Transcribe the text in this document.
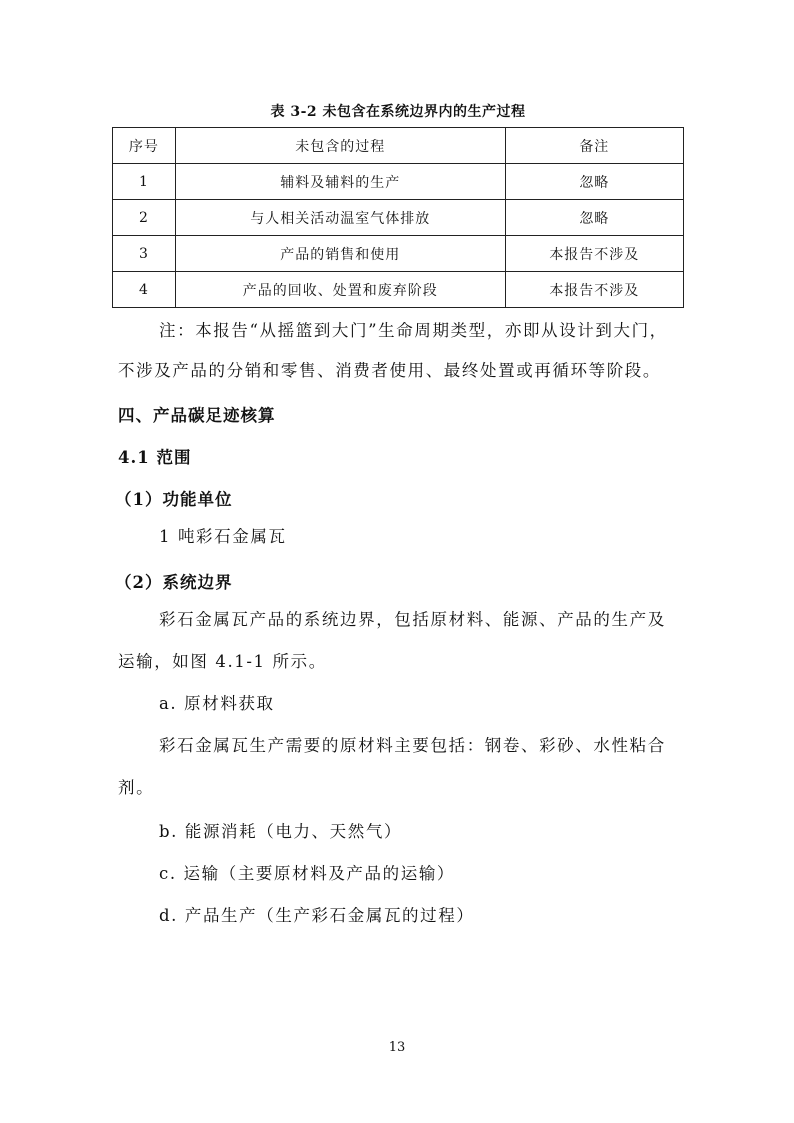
表 3-2 未包含在系统边界内的生产过程
序号	未包含的过程	备注
1	辅料及辅料的生产	忽略
2	与人相关活动温室气体排放	忽略
3	产品的销售和使用	本报告不涉及
4	产品的回收、处置和废弃阶段	本报告不涉及
注：本报告“从摇篮到大门”生命周期类型，亦即从设计到大门，
不涉及产品的分销和零售、消费者使用、最终处置或再循环等阶段。
四、产品碳足迹核算
4.1 范围
（1）功能单位
1 吨彩石金属瓦
（2）系统边界
彩石金属瓦产品的系统边界，包括原材料、能源、产品的生产及
运输，如图 4.1-1 所示。
a. 原材料获取
彩石金属瓦生产需要的原材料主要包括：钢卷、彩砂、水性粘合
剂。
b. 能源消耗（电力、天然气）
c. 运输（主要原材料及产品的运输）
d. 产品生产（生产彩石金属瓦的过程）
13
